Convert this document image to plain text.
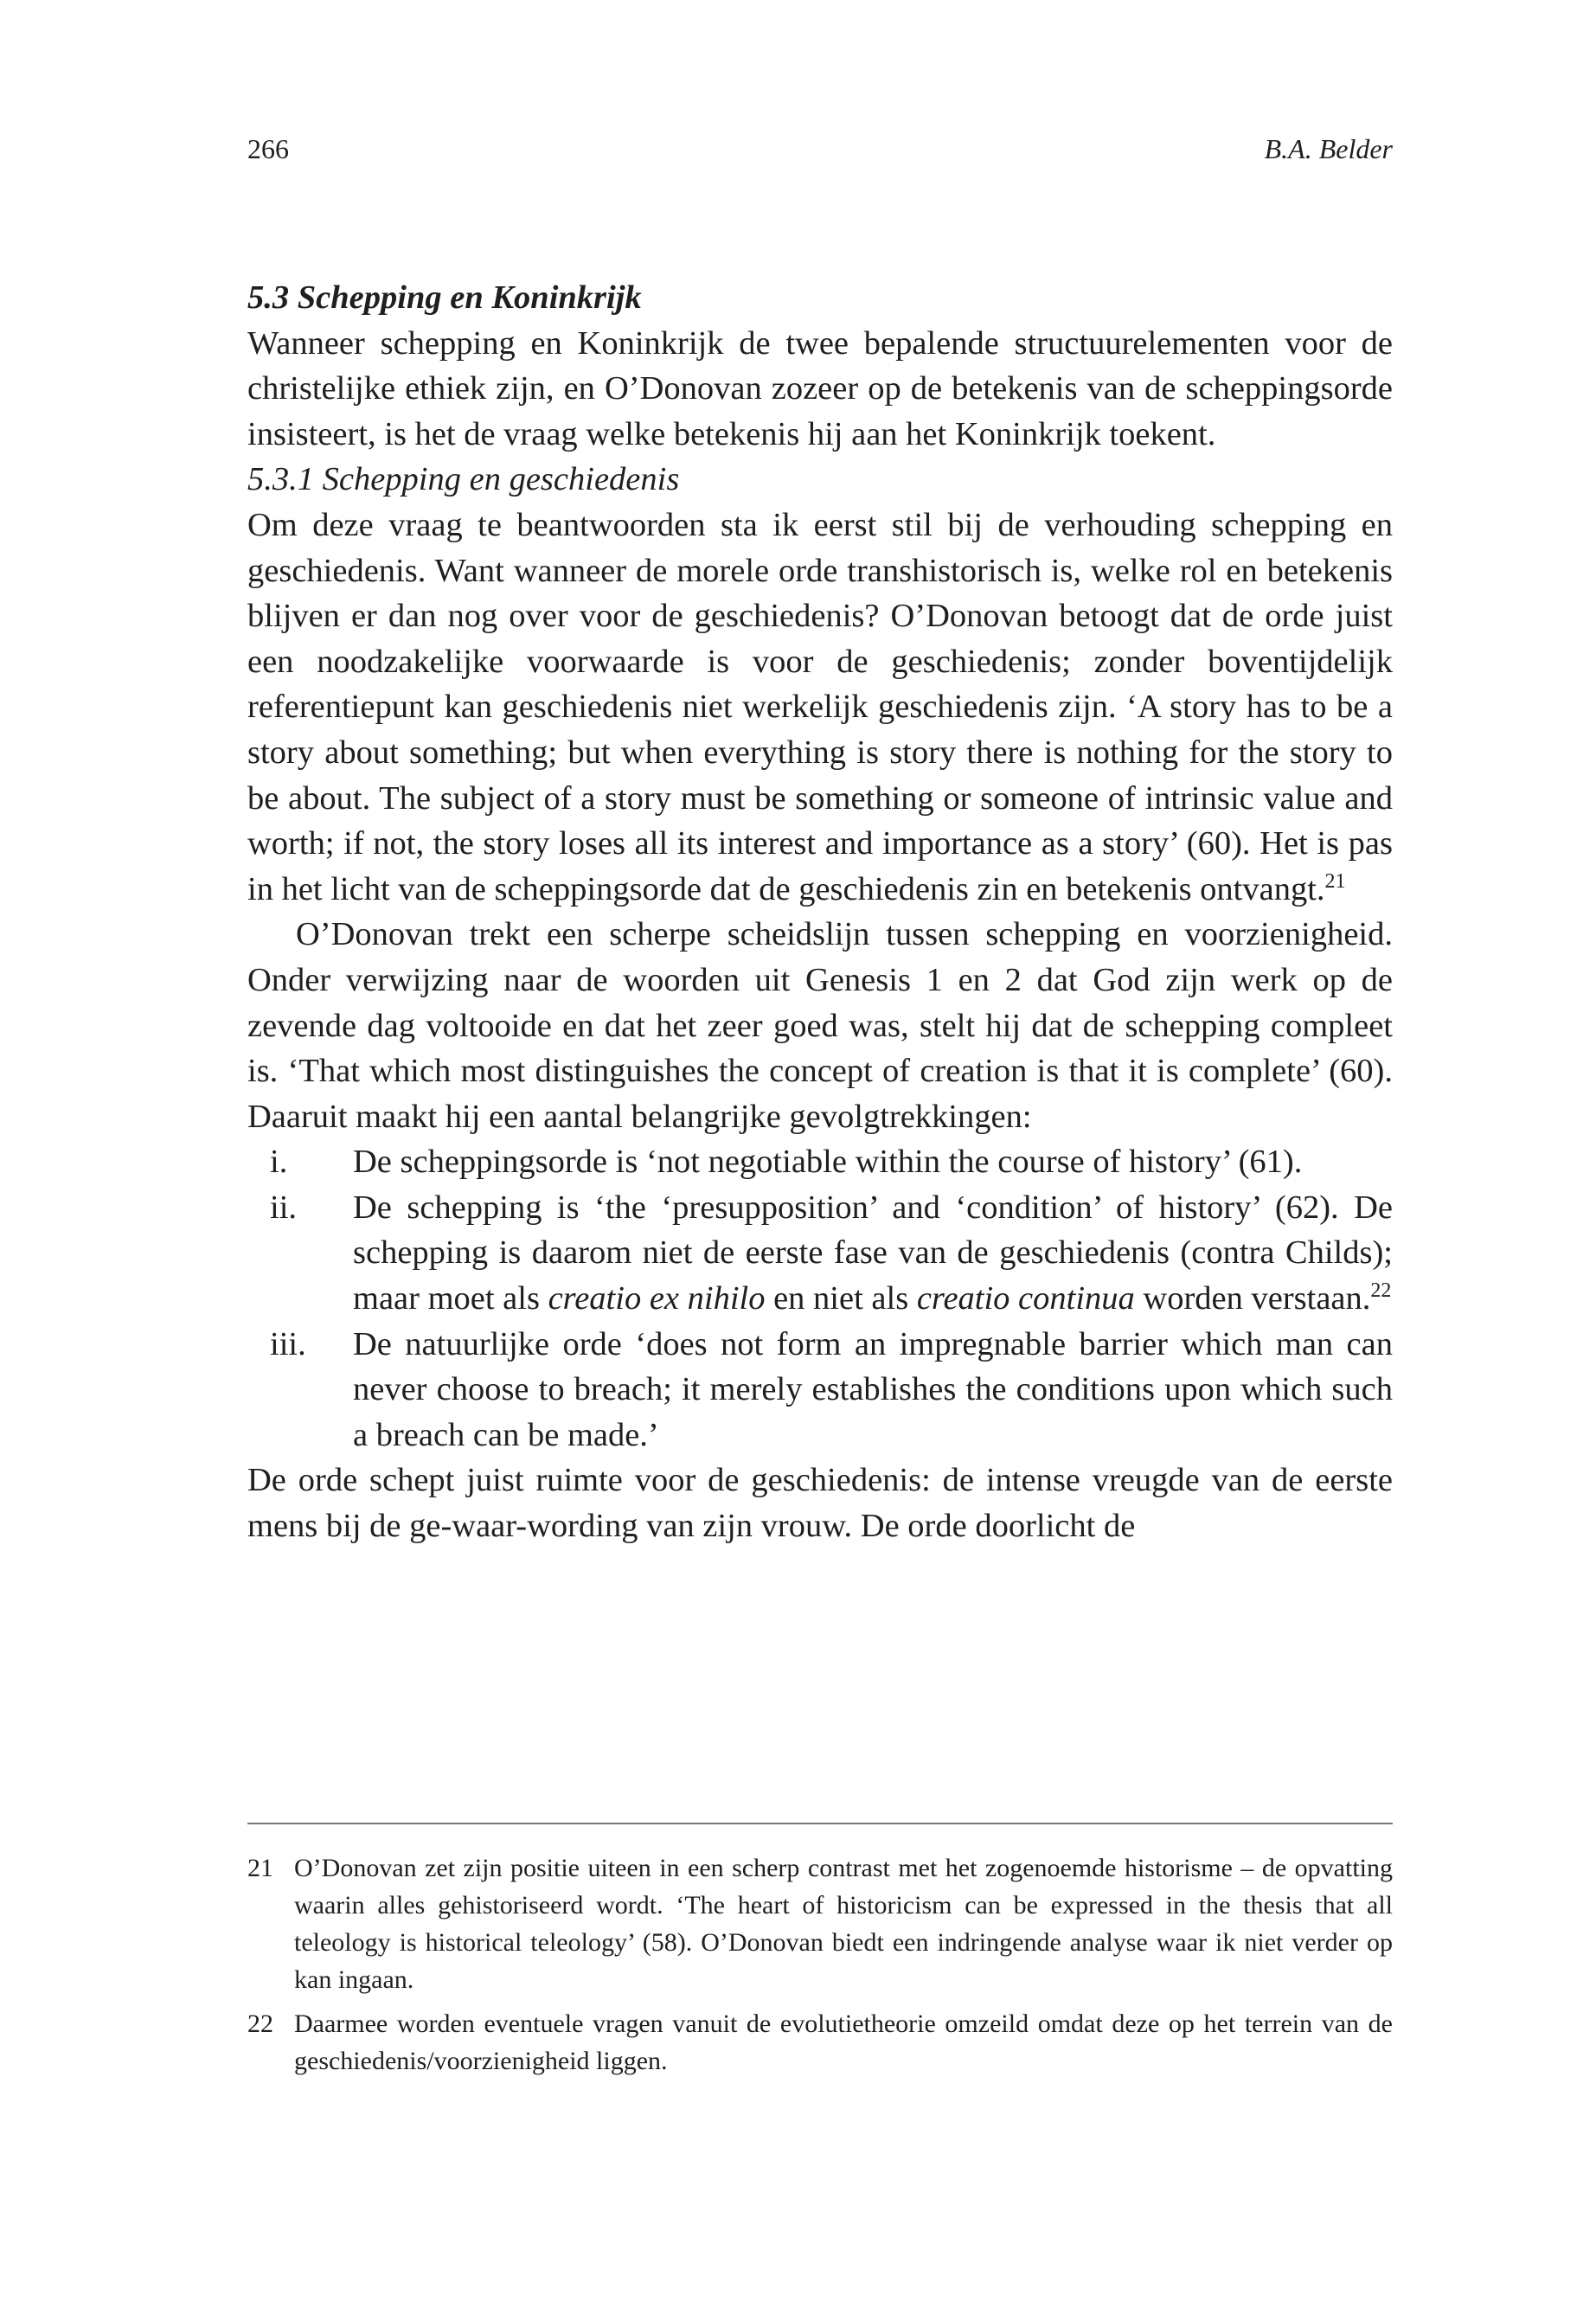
266	B.A. Belder

5.3 Schepping en Koninkrijk

Wanneer schepping en Koninkrijk de twee bepalende structuurelementen voor de christelijke ethiek zijn, en O’Donovan zozeer op de betekenis van de scheppingsorde insisteert, is het de vraag welke betekenis hij aan het Koninkrijk toekent.

5.3.1 Schepping en geschiedenis

Om deze vraag te beantwoorden sta ik eerst stil bij de verhouding schepping en geschiedenis. Want wanneer de morele orde transhistorisch is, welke rol en betekenis blijven er dan nog over voor de geschiedenis? O’Donovan betoogt dat de orde juist een noodzakelijke voorwaarde is voor de geschiedenis; zonder boventijdelijk referentiepunt kan geschiedenis niet werkelijk geschiedenis zijn. ‘A story has to be a story about something; but when everything is story there is nothing for the story to be about. The subject of a story must be something or someone of intrinsic value and worth; if not, the story loses all its interest and importance as a story’ (60). Het is pas in het licht van de scheppingsorde dat de geschiedenis zin en betekenis ontvangt.$^{21}$

O’Donovan trekt een scherpe scheidslijn tussen schepping en voorzienigheid. Onder verwijzing naar de woorden uit Genesis 1 en 2 dat God zijn werk op de zevende dag voltooide en dat het zeer goed was, stelt hij dat de schepping compleet is. ‘That which most distinguishes the concept of creation is that it is complete’ (60). Daaruit maakt hij een aantal belangrijke gevolgtrekkingen:

i.	De scheppingsorde is ‘not negotiable within the course of history’ (61).
ii.	De schepping is ‘the ‘presupposition’ and ‘condition’ of history’ (62). De schepping is daarom niet de eerste fase van de geschiedenis (contra Childs); maar moet als creatio ex nihilo en niet als creatio continua worden verstaan.$^{22}$
iii.	De natuurlijke orde ‘does not form an impregnable barrier which man can never choose to breach; it merely establishes the conditions upon which such a breach can be made.’

De orde schept juist ruimte voor de geschiedenis: de intense vreugde van de eerste mens bij de ge-waar-wording van zijn vrouw. De orde doorlicht de

21 O’Donovan zet zijn positie uiteen in een scherp contrast met het zogenoemde historisme – de opvatting waarin alles gehistoriseerd wordt. ‘The heart of historicism can be expressed in the thesis that all teleology is historical teleology’ (58). O’Donovan biedt een indringende analyse waar ik niet verder op kan ingaan.

22 Daarmee worden eventuele vragen vanuit de evolutietheorie omzeild omdat deze op het terrein van de geschiedenis/voorzienigheid liggen.
